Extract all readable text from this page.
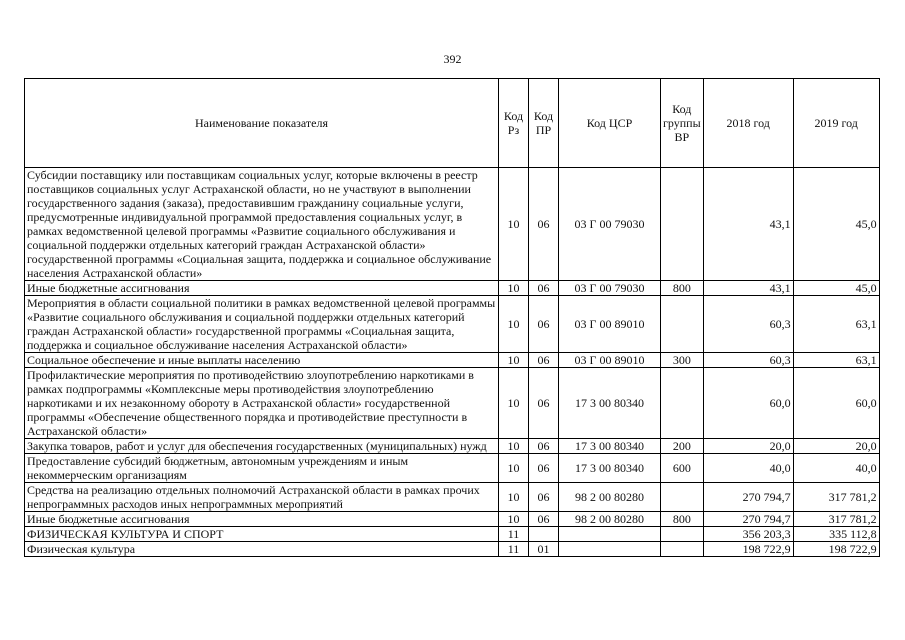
392
Наименование показателя	Код Рз	Код ПР	Код ЦСР	Код группы ВР	2018 год	2019 год
Субсидии поставщику или поставщикам социальных услуг, которые включены в реестр поставщиков социальных услуг Астраханской области, но не участвуют в выполнении государственного задания (заказа), предоставившим гражданину социальные услуги, предусмотренные индивидуальной программой предоставления социальных услуг, в рамках ведомственной целевой программы «Развитие социального обслуживания и социальной поддержки отдельных категорий граждан Астраханской области» государственной программы «Социальная защита, поддержка и социальное обслуживание населения Астраханской области»	10	06	03 Г 00 79030		43,1	45,0
Иные бюджетные ассигнования	10	06	03 Г 00 79030	800	43,1	45,0
Мероприятия в области социальной политики в рамках ведомственной целевой программы «Развитие социального обслуживания и социальной поддержки отдельных категорий граждан Астраханской области» государственной программы «Социальная защита, поддержка и социальное обслуживание населения Астраханской области»	10	06	03 Г 00 89010		60,3	63,1
Социальное обеспечение и иные выплаты населению	10	06	03 Г 00 89010	300	60,3	63,1
Профилактические мероприятия по противодействию злоупотреблению наркотиками в рамках подпрограммы «Комплексные меры противодействия злоупотреблению наркотиками и их незаконному обороту в Астраханской области» государственной программы «Обеспечение общественного порядка и противодействие преступности в Астраханской области»	10	06	17 3 00 80340		60,0	60,0
Закупка товаров, работ и услуг для обеспечения государственных (муниципальных) нужд	10	06	17 3 00 80340	200	20,0	20,0
Предоставление субсидий бюджетным, автономным учреждениям и иным некоммерческим организациям	10	06	17 3 00 80340	600	40,0	40,0
Средства на реализацию отдельных полномочий Астраханской области в рамках прочих непрограммных расходов иных непрограммных мероприятий	10	06	98 2 00 80280		270 794,7	317 781,2
Иные бюджетные ассигнования	10	06	98 2 00 80280	800	270 794,7	317 781,2
ФИЗИЧЕСКАЯ КУЛЬТУРА И СПОРТ	11				356 203,3	335 112,8
Физическая культура	11	01			198 722,9	198 722,9
